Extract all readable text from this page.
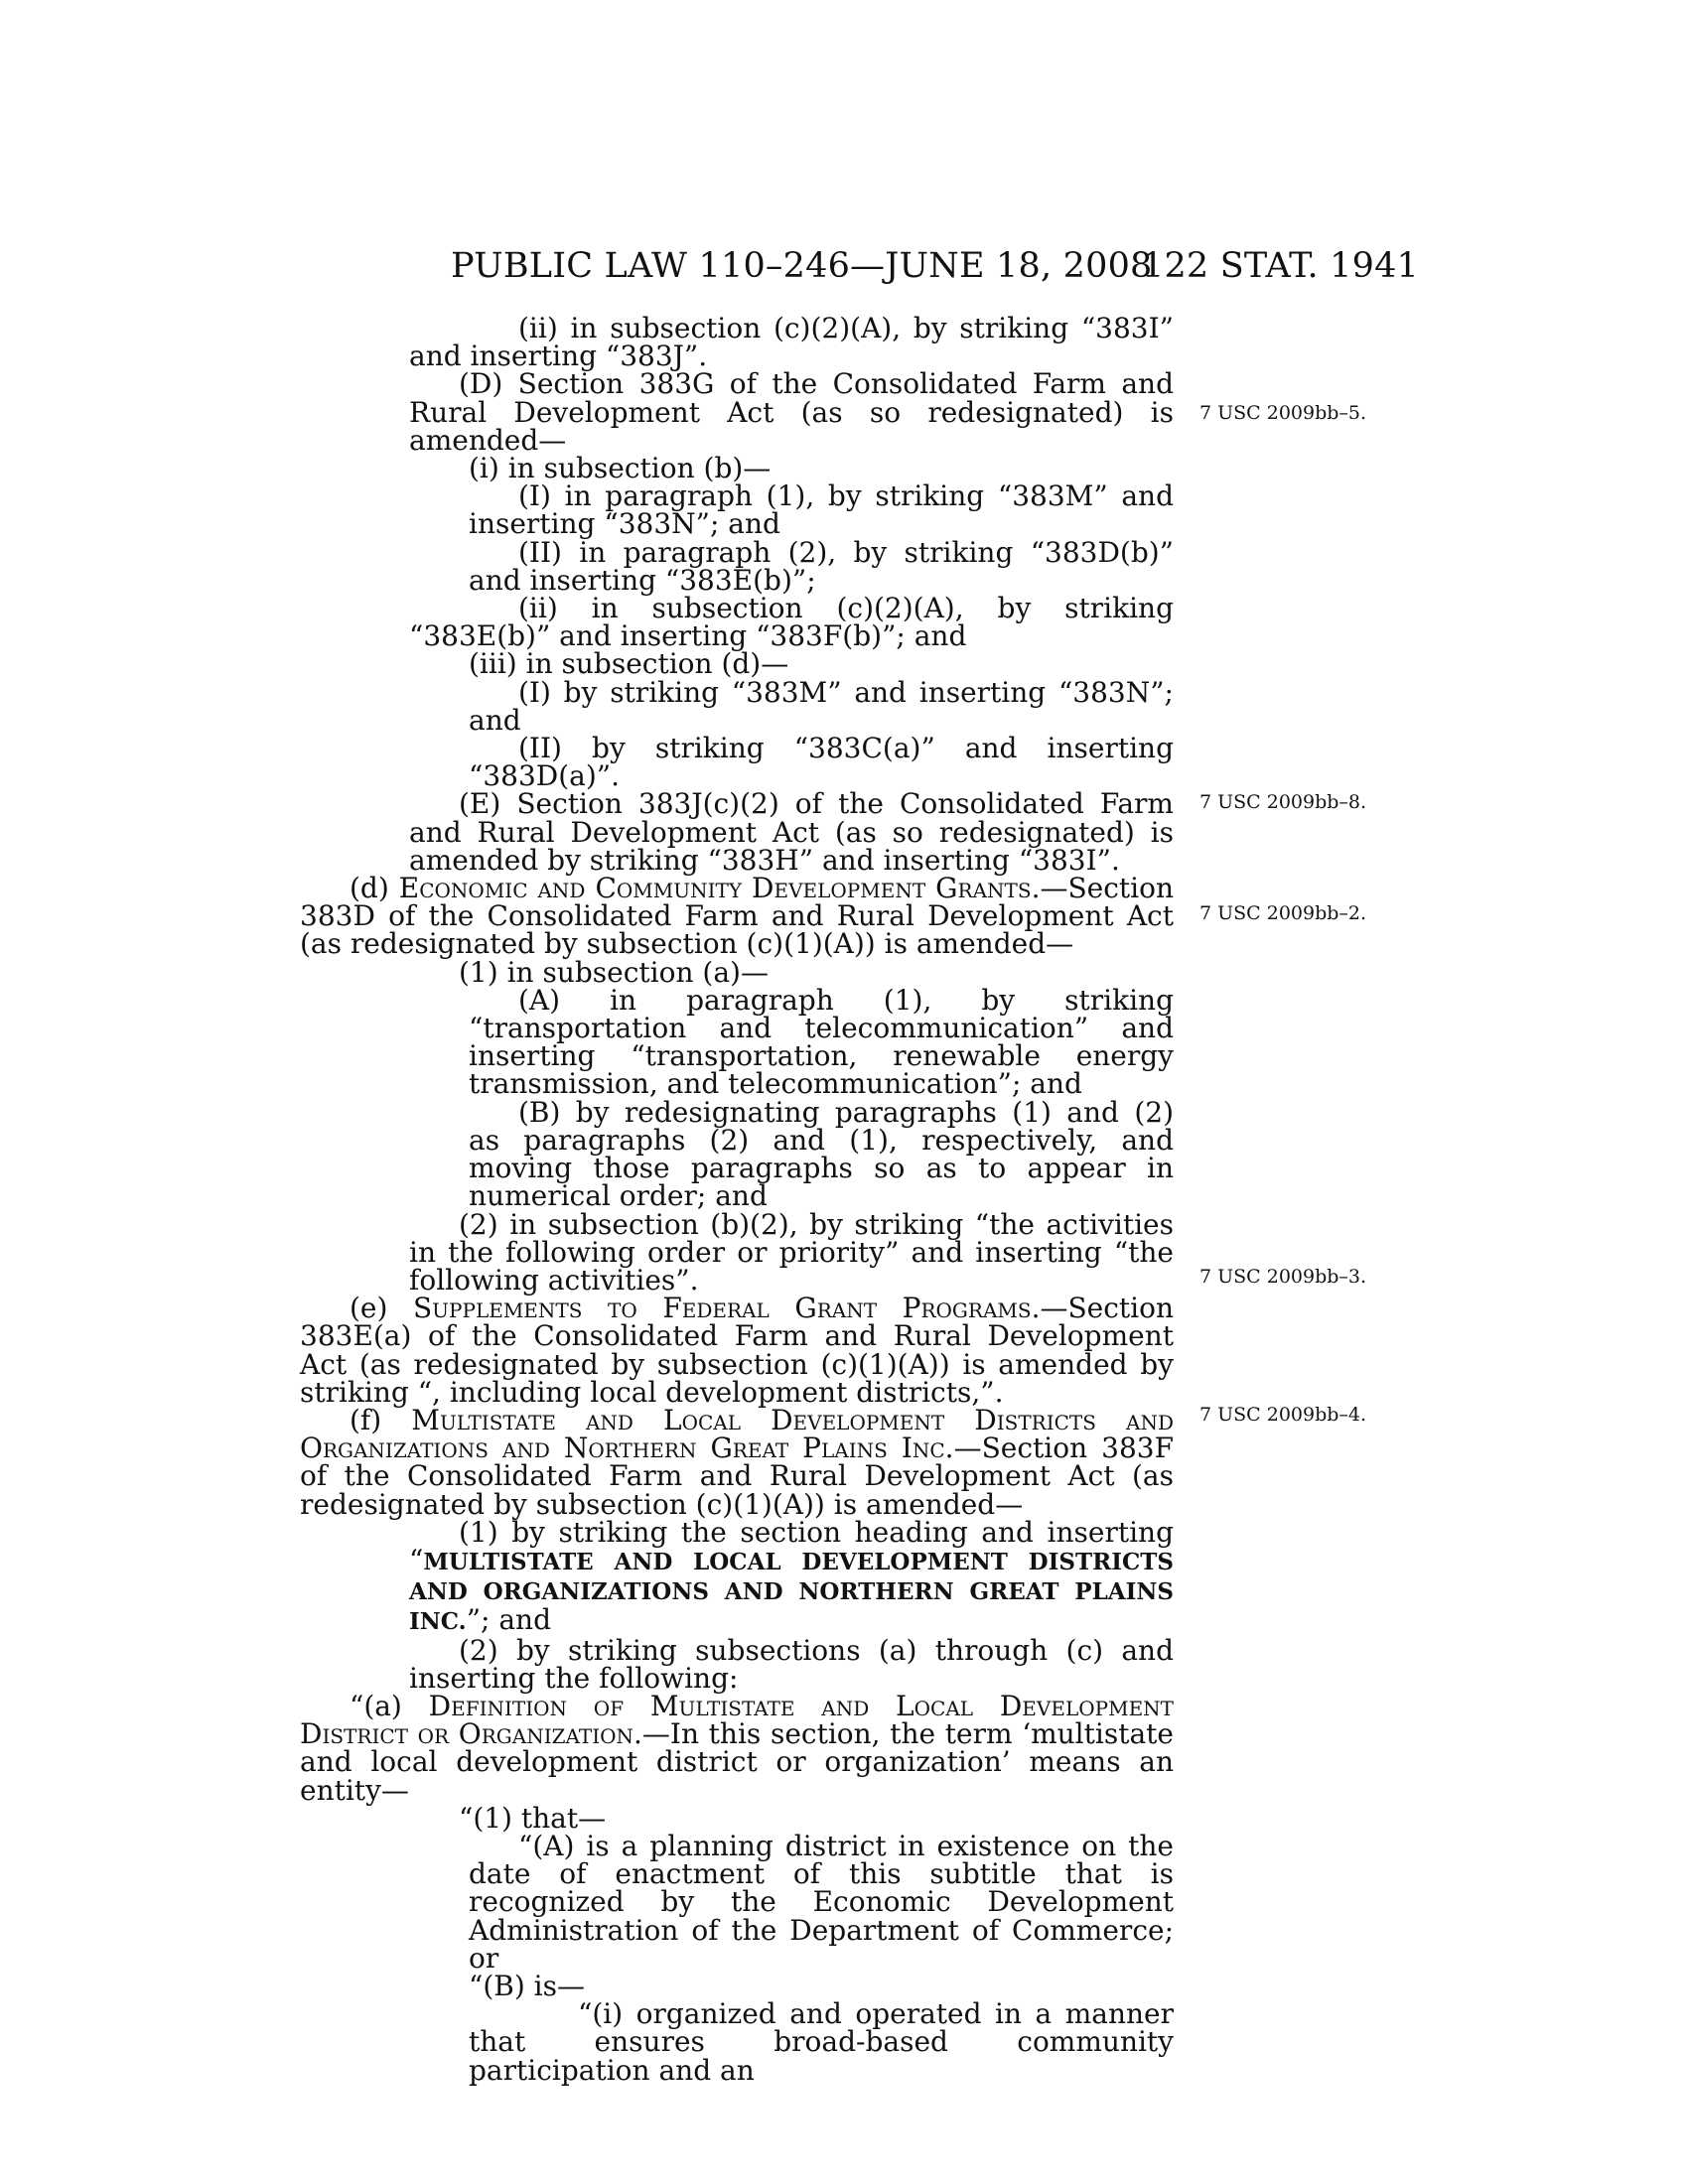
PUBLIC LAW 110–246—JUNE 18, 2008
122 STAT. 1941
7 USC 2009bb–5.
7 USC 2009bb–8.
7 USC 2009bb–2.
7 USC 2009bb–3.
7 USC 2009bb–4.

(ii) in subsection (c)(2)(A), by striking “383I” and inserting “383J”.

(D) Section 383G of the Consolidated Farm and Rural Development Act (as so redesignated) is amended—

(i) in subsection (b)—

(I) in paragraph (1), by striking “383M” and inserting “383N”; and

(II) in paragraph (2), by striking “383D(b)” and inserting “383E(b)”;

(ii) in subsection (c)(2)(A), by striking “383E(b)” and inserting “383F(b)”; and

(iii) in subsection (d)—

(I) by striking “383M” and inserting “383N”; and

(II) by striking “383C(a)” and inserting “383D(a)”.

(E) Section 383J(c)(2) of the Consolidated Farm and Rural Development Act (as so redesignated) is amended by striking “383H” and inserting “383I”.

(d) Economic and Community Development Grants.—Section 383D of the Consolidated Farm and Rural Development Act (as redesignated by subsection (c)(1)(A)) is amended—

(1) in subsection (a)—

(A) in paragraph (1), by striking “transportation and telecommunication” and inserting “transportation, renewable energy transmission, and telecommunication”; and

(B) by redesignating paragraphs (1) and (2) as paragraphs (2) and (1), respectively, and moving those paragraphs so as to appear in numerical order; and

(2) in subsection (b)(2), by striking “the activities in the following order or priority” and inserting “the following activities”.

(e) Supplements to Federal Grant Programs.—Section 383E(a) of the Consolidated Farm and Rural Development Act (as redesignated by subsection (c)(1)(A)) is amended by striking “, including local development districts,”.

(f) Multistate and Local Development Districts and Organizations and Northern Great Plains Inc.—Section 383F of the Consolidated Farm and Rural Development Act (as redesignated by subsection (c)(1)(A)) is amended—

(1) by striking the section heading and inserting “MULTISTATE AND LOCAL DEVELOPMENT DISTRICTS AND ORGANIZATIONS AND NORTHERN GREAT PLAINS INC.”; and

(2) by striking subsections (a) through (c) and inserting the following:

“(a) Definition of Multistate and Local Development District or Organization.—In this section, the term ‘multistate and local development district or organization’ means an entity—

“(1) that—

“(A) is a planning district in existence on the date of enactment of this subtitle that is recognized by the Economic Development Administration of the Department of Commerce; or

“(B) is—

“(i) organized and operated in a manner that ensures broad-based community participation and an
